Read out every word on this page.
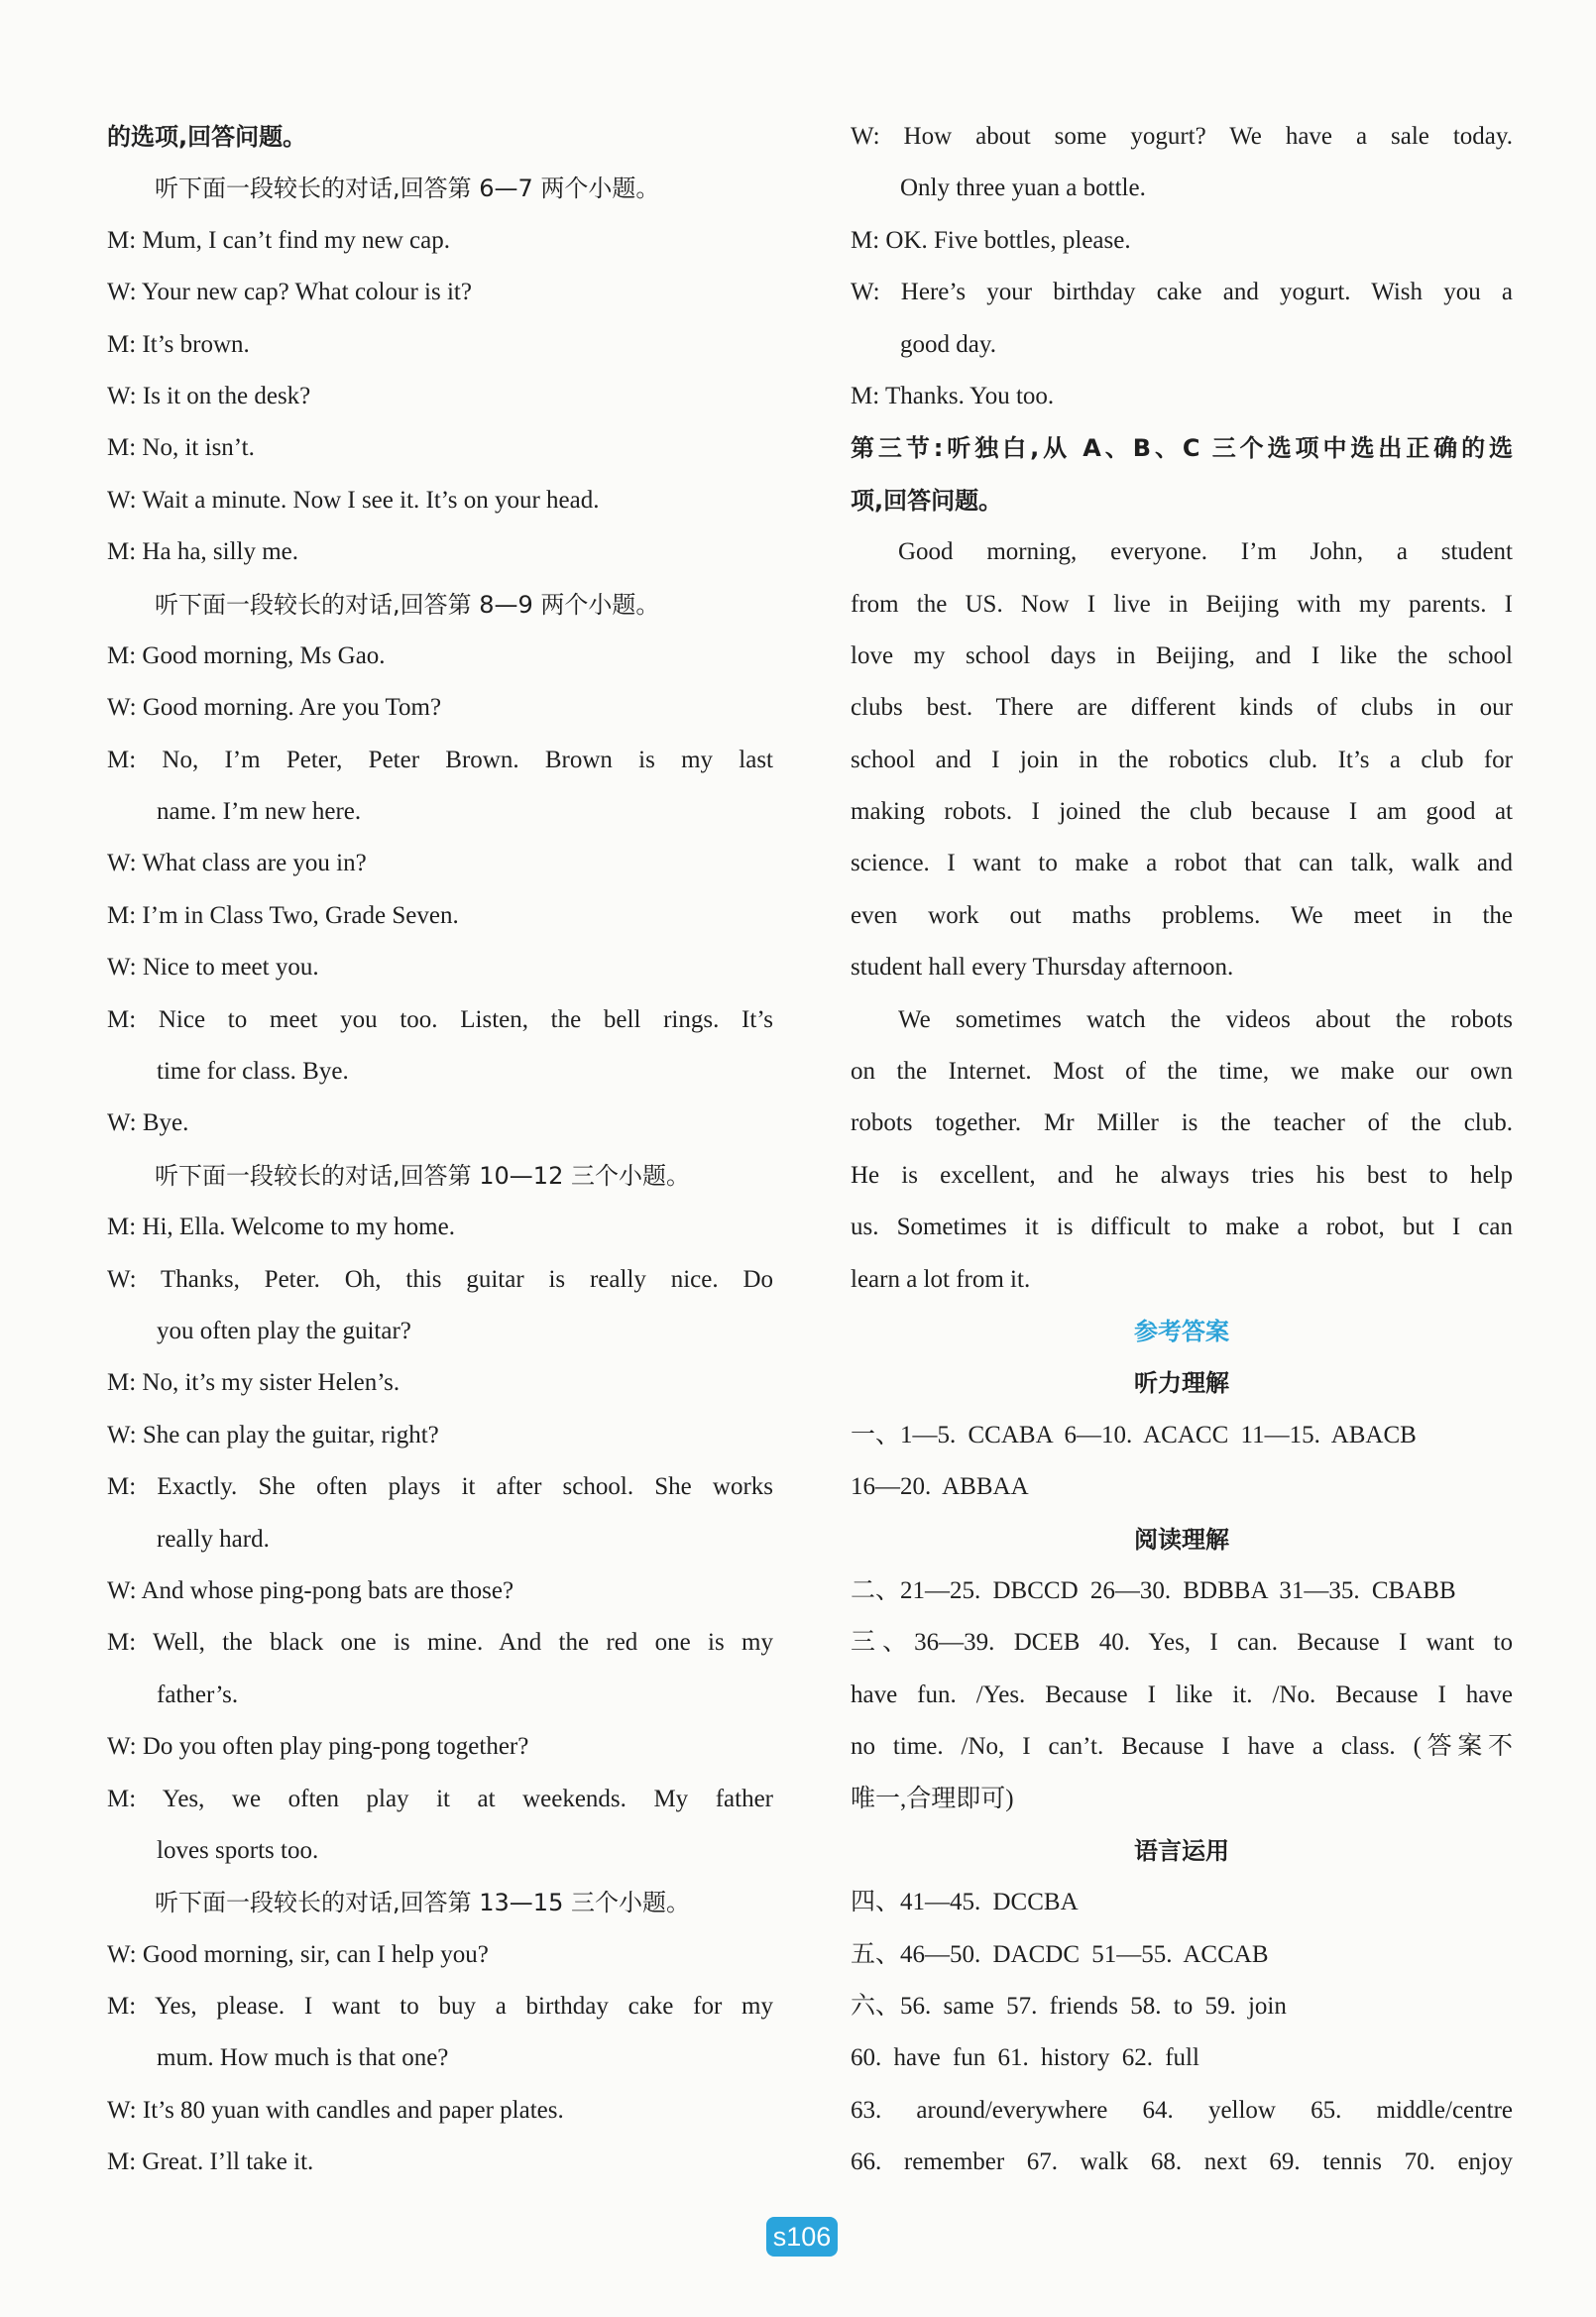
的选项,回答问题。
听下面一段较长的对话,回答第 6—7 两个小题。
M: Mum, I can’t find my new cap.
W: Your new cap? What colour is it?
M: It’s brown.
W: Is it on the desk?
M: No, it isn’t.
W: Wait a minute. Now I see it. It’s on your head.
M: Ha ha, silly me.
听下面一段较长的对话,回答第 8—9 两个小题。
M: Good morning, Ms Gao.
W: Good morning. Are you Tom?
M: No, I’m Peter, Peter Brown. Brown is my last
name. I’m new here.
W: What class are you in?
M: I’m in Class Two, Grade Seven.
W: Nice to meet you.
M: Nice to meet you too. Listen, the bell rings. It’s
time for class. Bye.
W: Bye.
听下面一段较长的对话,回答第 10—12 三个小题。
M: Hi, Ella. Welcome to my home.
W: Thanks, Peter. Oh, this guitar is really nice. Do
you often play the guitar?
M: No, it’s my sister Helen’s.
W: She can play the guitar, right?
M: Exactly. She often plays it after school. She works
really hard.
W: And whose ping-pong bats are those?
M: Well, the black one is mine. And the red one is my
father’s.
W: Do you often play ping-pong together?
M: Yes, we often play it at weekends. My father
loves sports too.
听下面一段较长的对话,回答第 13—15 三个小题。
W: Good morning, sir, can I help you?
M: Yes, please. I want to buy a birthday cake for my
mum. How much is that one?
W: It’s 80 yuan with candles and paper plates.
M: Great. I’ll take it.
W: How about some yogurt? We have a sale today.
Only three yuan a bottle.
M: OK. Five bottles, please.
W: Here’s your birthday cake and yogurt. Wish you a
good day.
M: Thanks. You too.
第三节:听独白,从 A、B、C 三个选项中选出正确的选
项,回答问题。
Good morning, everyone. I’m John, a student
from the US. Now I live in Beijing with my parents. I
love my school days in Beijing, and I like the school
clubs best. There are different kinds of clubs in our
school and I join in the robotics club. It’s a club for
making robots. I joined the club because I am good at
science. I want to make a robot that can talk, walk and
even work out maths problems. We meet in the
student hall every Thursday afternoon.
We sometimes watch the videos about the robots
on the Internet. Most of the time, we make our own
robots together. Mr Miller is the teacher of the club.
He is excellent, and he always tries his best to help
us. Sometimes it is difficult to make a robot, but I can
learn a lot from it.
参考答案
听力理解
一、1—5. CCABA 6—10. ACACC 11—15. ABACB
16—20. ABBAA
阅读理解
二、21—25. DBCCD 26—30. BDBBA 31—35. CBABB
三、36—39. DCEB 40. Yes, I can. Because I want to
have fun. /Yes. Because I like it. /No. Because I have
no time. /No, I can’t. Because I have a class. (答案不
唯一,合理即可)
语言运用
四、41—45. DCCBA
五、46—50. DACDC 51—55. ACCAB
六、56. same 57. friends 58. to 59. join
60. have fun 61. history 62. full
63. around/everywhere 64. yellow 65. middle/centre
66. remember 67. walk 68. next 69. tennis 70. enjoy
s106
